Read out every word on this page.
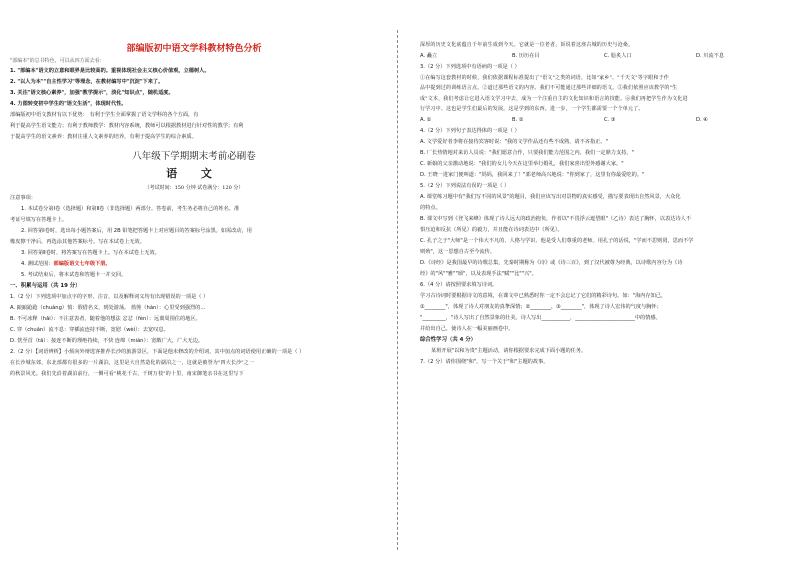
部编版初中语文学科教材特色分析
"部编本"的总书特色，可以从四方面去看：
1. "部编本"语文的立意和眼界是比较高的。重视体现社会主义核心价值观，立德树人。
2. "以人为本""自主性学习"等理念，在教材编写中"沉淀"下来了。
3. 关注"语文核心素养"，加强"教学提示"，淡化"知识点"，随机适度。
4. 力图转变初中学生的"语文生活"，体现时代性。
部编版初中语文教材有以下优势： 有利于学生全面掌握了语文学科的各个方面，有
利于提高学生语文能力；有利于教师教学：教材内容系统，教师可以根据教材进行针对性的教学；有利
于提高学生的语文素养：教材注重人文素养的培养，有利于提高学生的综合素质。
八年级下学期期末考前必刷卷
语 文
（考试时间：150 分钟 试卷满分：120 分）
注意事项：
1. 本试卷分第Ⅰ卷（选择题）和第Ⅱ卷（非选择题）两部分。答卷前，考生务必将自己的姓名、准
考证号填写在答题卡上。
2. 回答第Ⅰ卷时，选出每小题答案后，用 2B 铅笔把答题卡上对应题目的答案标号涂黑。如需改动，用
橡皮擦干净后，再选涂其他答案标号。写在本试卷上无效。
3. 回答第Ⅱ卷时，将答案写在答题卡上。写在本试卷上无效。
4. 测试范围：部编版语文七年级下册。
5. 考试结束后，将本试卷和答题卡一并交回。
一、积累与运用（共 19 分）
1.（2 分）下列选项中加点字的字形、注音，以及解释词义均有出现错误的一项是（ ）
A. 踉踉跄跄（chuàng）愤：假借名义，到处游荡。 篮篼（hán）：心里受到强烈的...
B. 不可冰释（hǎi）：不注意表者，随着他的想法 忿忿（fèn）：远离周围住的地区。
C. 穿（chuān）流不息：穿插流连持不断，宽慰（wèi）：去宽叹息。
D. 恍至首（tā）：接连不断的理绝持续，不快 连绵（mián）：宽敞广大，广大无边。
2.（2 分）【词语辨析】小烦向外辩选客推荐长沙的旅游景区，下面是他未修改的介绍词，其中加点的词语使用正确的一项是（ ）
在长沙城东郊，东北部都有很多的一片湖泊，这里是大自然造化的湖泊之一，这就是被誉为"四大长沙"之一
的秋景风光。我们先沿着湖泊前行，一侧可看"桃花千古，千树万枝"的十里，南宋御笔亲书在这里写下
深厚的历史文化底蕴自千年前生成到今天。它就是一位老者，诉说着这座古城的历史与沧桑。
A. 矗立	B. 历历在目	C. 脍炙人口	D. 川流不息
3.（2 分）下列选项中有语病的一项是（ ）
①在编写这套教材的时候，我们依据课程标准提出了"语文"之类的词语，比如"家乡"、"千天文"等字眼和于作
品中提到过的训练语言点。②道过那些语文的内容。我们不可能通过那些详细的语文。⑤我们依照应该教学的"生
成"文本，我们考虑让它进入语文学习中去，成为一个注重自主的文化知识和语言的技能。⑥我们再把学生作为文化进
行学习中。这也是学生们最后的发展。这是学到的东西。进一步，一个学生都需要一个个单元了。
A. ①	B. ②	C. ③	D. ④
4.（2 分）下列句子表达得体的一项是（ ）
A. 文学爱好者李将在接待宾客时说："我的文学作品还有些不成熟，请不吝指正。"
B. 厂长热情地对来访人员说："我们愿意合作，只要我们能力范围之内，我们一定鼎力支持。"
C. 新娘的父亲激动地说："我们的女儿今天在这里举行婚礼，我们家喜出望外感谢大家。"
D. 王晓一进家门便叫道："妈妈，我回来了！"郭老师高兴地说："你到家了，这里有你最爱吃的。"
5.（2 分）下列说法有误的一项是（ ）
A. 课堂练习题中有"我们写不同的风景"的题目，我们应该写出对景物的真实感受，描写要表现出自然风景，大众化
的特点。
B. 课文中写到《登飞来峰》体现了诗人远大的政治抱负，作者以"不畏浮云遮望眼"（乙诗）表达了胸怀，以表达诗人不
惧压迫和反抗（所见）的毅力，并且能在诗词表达中（所见）。
C. 孔子之于"大师"是一个伟大不凡的、人格与学识、他是受人们尊重的老师。用孔子的话说，"学而不思则罔，思而不学
则殆"，这一思想自古至今流传。
D.《诗经》是我国最早的诗歌总集，先秦时期称为《诗》或《诗三百》，到了汉代被尊为经典，以诗歌内容分为《诗
经》的"风""雅""颂"，以及表现手法"赋""比""兴"。
6.（4 分）请按照要求填写诗词。
学习古诗词时要根据诗文的意境，在课文中已熟悉时你一定不会忘记了它们的精彩诗句。如："海内存知己，
①________"，体现了诗人对朋友的真挚深情；②________，③________"，体现了诗人宏伟的气度与胸怀；
"_________，"诗人写出了自然景象的壮美。诗人写出___________，_______________________中的情感。
并给出自己，使诗人在一幅美丽画卷中。
综合性学习（共 4 分）
某班开展"以和为贵"主题活动，请你根据要求完成下面小题的任务。
7.（2 分）请你围绕"和"，写一个关于"和"主题的故事。
